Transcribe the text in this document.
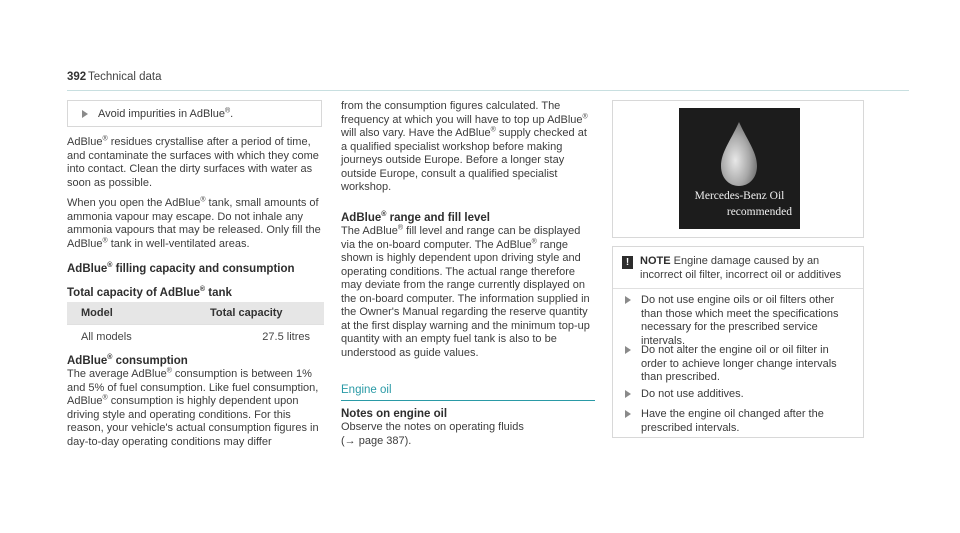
392 Technical data
Avoid impurities in AdBlue®.
AdBlue® residues crystallise after a period of time, and contaminate the surfaces with which they come into contact. Clean the dirty surfaces with water as soon as possible.
When you open the AdBlue® tank, small amounts of ammonia vapour may escape. Do not inhale any ammonia vapours that may be released. Only fill the AdBlue® tank in well-ventilated areas.
AdBlue® filling capacity and consumption
Total capacity of AdBlue® tank
Model	Total capacity
All models	27.5 litres
AdBlue® consumption
The average AdBlue® consumption is between 1% and 5% of fuel consumption. Like fuel consumption, AdBlue® consumption is highly dependent upon driving style and operating conditions. For this reason, your vehicle's actual consumption figures in day-to-day operating conditions may differ
from the consumption figures calculated. The frequency at which you will have to top up AdBlue® will also vary. Have the AdBlue® supply checked at a qualified specialist workshop before making journeys outside Europe. Before a longer stay outside Europe, consult a qualified specialist workshop.
AdBlue® range and fill level
The AdBlue® fill level and range can be displayed via the on-board computer. The AdBlue® range shown is highly dependent upon driving style and operating conditions. The actual range therefore may deviate from the range currently displayed on the on-board computer. The information supplied in the Owner's Manual regarding the reserve quantity at the first display warning and the minimum top-up quantity with an empty fuel tank is also to be understood as guide values.
Engine oil
Notes on engine oil
Observe the notes on operating fluids (→ page 387).
Mercedes-Benz Oil
recommended
! NOTE Engine damage caused by an incorrect oil filter, incorrect oil or additives
Do not use engine oils or oil filters other than those which meet the specifications necessary for the prescribed service intervals.
Do not alter the engine oil or oil filter in order to achieve longer change intervals than prescribed.
Do not use additives.
Have the engine oil changed after the prescribed intervals.
